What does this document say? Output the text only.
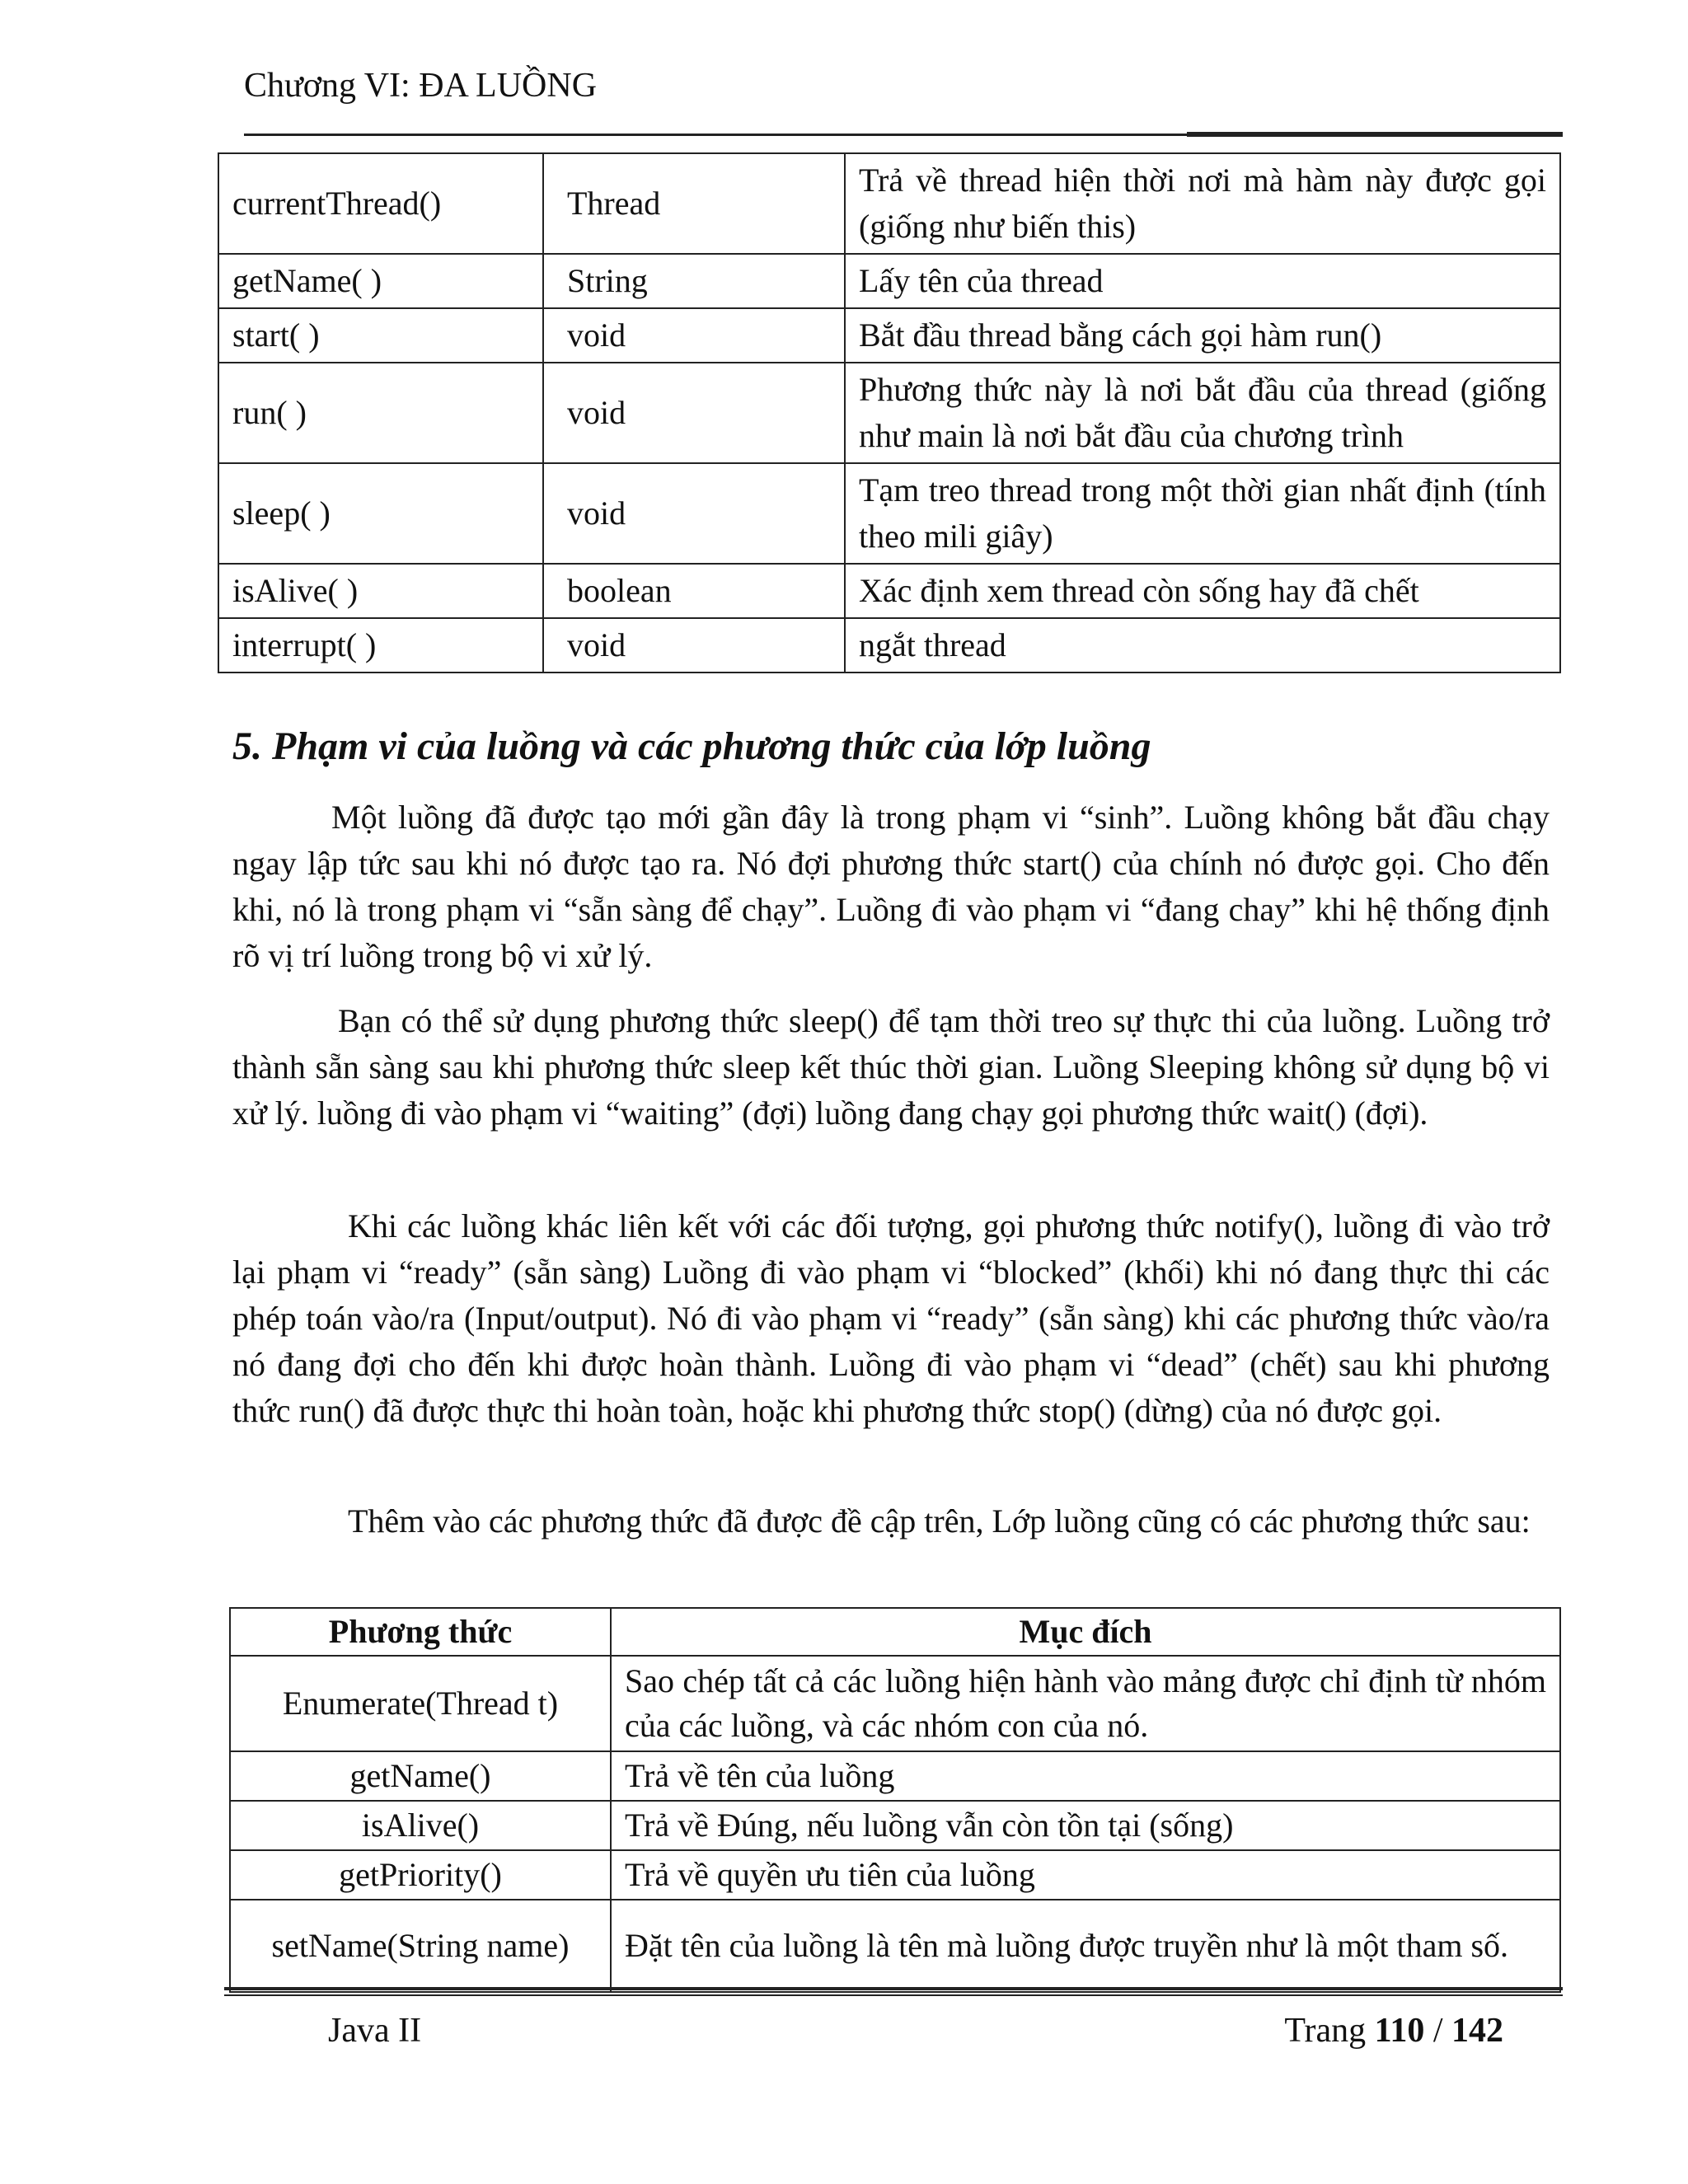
Chương VI: ĐA LUỒNG
currentThread()	Thread	Trả về thread hiện thời nơi mà hàm này được gọi (giống như biến this)
getName( )	String	Lấy tên của thread
start( )	void	Bắt đầu thread bằng cách gọi hàm run()
run( )	void	Phương thức này là nơi bắt đầu của thread (giống như main là nơi bắt đầu của chương trình
sleep( )	void	Tạm treo thread trong một thời gian nhất định (tính theo mili giây)
isAlive( )	boolean	Xác định xem thread còn sống hay đã chết
interrupt( )	void	ngắt thread
5. Phạm vi của luồng và các phương thức của lớp luồng

Một luồng đã được tạo mới gần đây là trong phạm vi “sinh”. Luồng không bắt đầu chạy ngay lập tức sau khi nó được tạo ra. Nó đợi phương thức start() của chính nó được gọi. Cho đến khi, nó là trong phạm vi “sẵn sàng để chạy”. Luồng đi vào phạm vi “đang chay” khi hệ thống định rõ vị trí luồng trong bộ vi xử lý.

Bạn có thể sử dụng phương thức sleep() để tạm thời treo sự thực thi của luồng. Luồng trở thành sẵn sàng sau khi phương thức sleep kết thúc thời gian. Luồng Sleeping không sử dụng bộ vi xử lý. luồng đi vào phạm vi “waiting” (đợi) luồng đang chạy gọi phương thức wait() (đợi).

Khi các luồng khác liên kết với các đối tượng, gọi phương thức notify(), luồng đi vào trở lại phạm vi “ready” (sẵn sàng) Luồng đi vào phạm vi “blocked” (khối) khi nó đang thực thi các phép toán vào/ra (Input/output). Nó đi vào phạm vi “ready” (sẵn sàng) khi các phương thức vào/ra nó đang đợi cho đến khi được hoàn thành. Luồng đi vào phạm vi “dead” (chết) sau khi phương thức run() đã được thực thi hoàn toàn, hoặc khi phương thức stop() (dừng) của nó được gọi.

Thêm vào các phương thức đã được đề cập trên, Lớp luồng cũng có các phương thức sau:

Phương thức	Mục đích
Enumerate(Thread t)	Sao chép tất cả các luồng hiện hành vào mảng được chỉ định từ nhóm của các luồng, và các nhóm con của nó.
getName()	Trả về tên của luồng
isAlive()	Trả về Đúng, nếu luồng vẫn còn tồn tại (sống)
getPriority()	Trả về quyền ưu tiên của luồng
setName(String name)	Đặt tên của luồng là tên mà luồng được truyền như là một tham số.
Java II	Trang 110 / 142
